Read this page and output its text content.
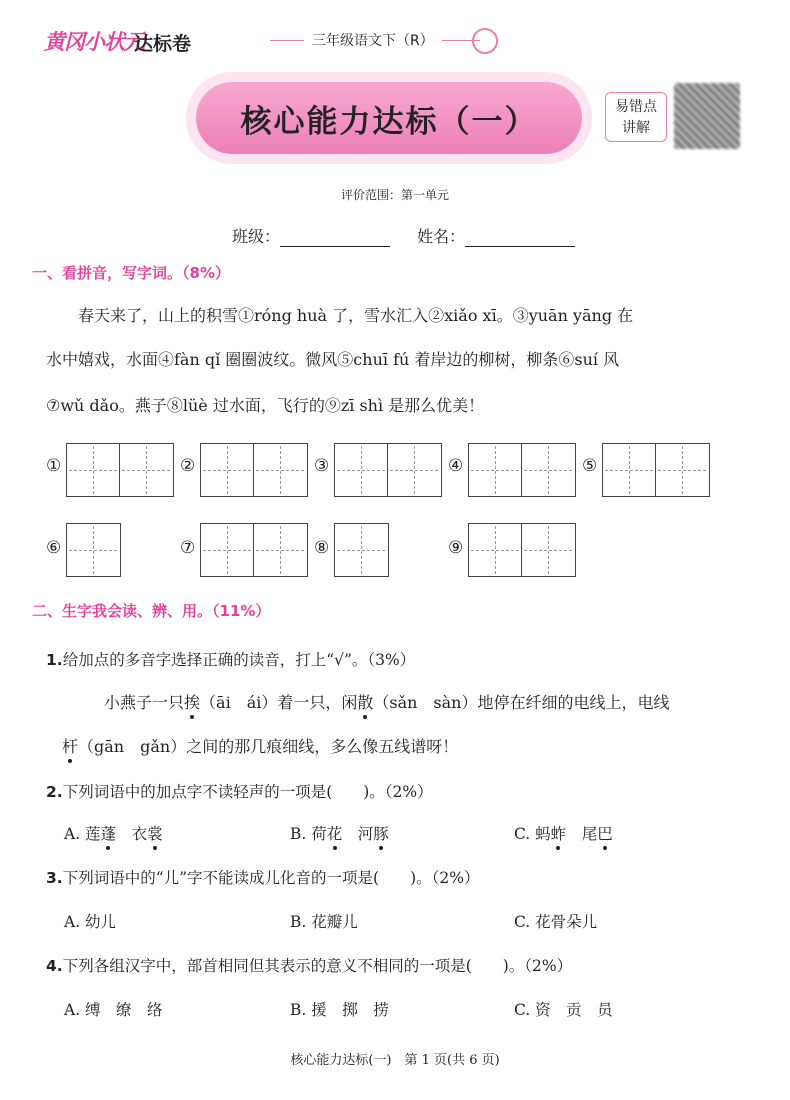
黄冈小状元
达标卷	三年级语文下（R）
核心能力达标（一）	易错点
讲解
评价范围：第一单元
班级：	姓名：
一、看拼音，写字词。（8%）
春天来了，山上的积雪①róng huà 了，雪水汇入②xiǎo xī。③yuān yāng 在
水中嬉戏，水面④fàn qǐ 圈圈波纹。微风⑤chuī fú 着岸边的柳树，柳条⑥suí 风
⑦wǔ dǎo。燕子⑧lüè 过水面，飞行的⑨zī shì 是那么优美！
①	②	③	④	⑤
⑥	⑦	⑧	⑨
二、生字我会读、辨、用。（11%）
1.给加点的多音字选择正确的读音，打上“√”。（3%）
小燕子一只挨（āi　ái）着一只，闲散（sǎn　sàn）地停在纤细的电线上，电线
杆（gān　gǎn）之间的那几痕细线，多么像五线谱呀！
2.下列词语中的加点字不读轻声的一项是(　　)。（2%）
A. 莲蓬　衣裳	B. 荷花　河豚	C. 蚂蚱　尾巴
3.下列词语中的“儿”字不能读成儿化音的一项是(　　)。（2%）
A. 幼儿	B. 花瓣儿	C. 花骨朵儿
4.下列各组汉字中，部首相同但其表示的意义不相同的一项是(　　)。（2%）
A. 缚　缭　络	B. 援　掷　捞	C. 资　贡　员
核心能力达标(一)　第 1 页(共 6 页)
